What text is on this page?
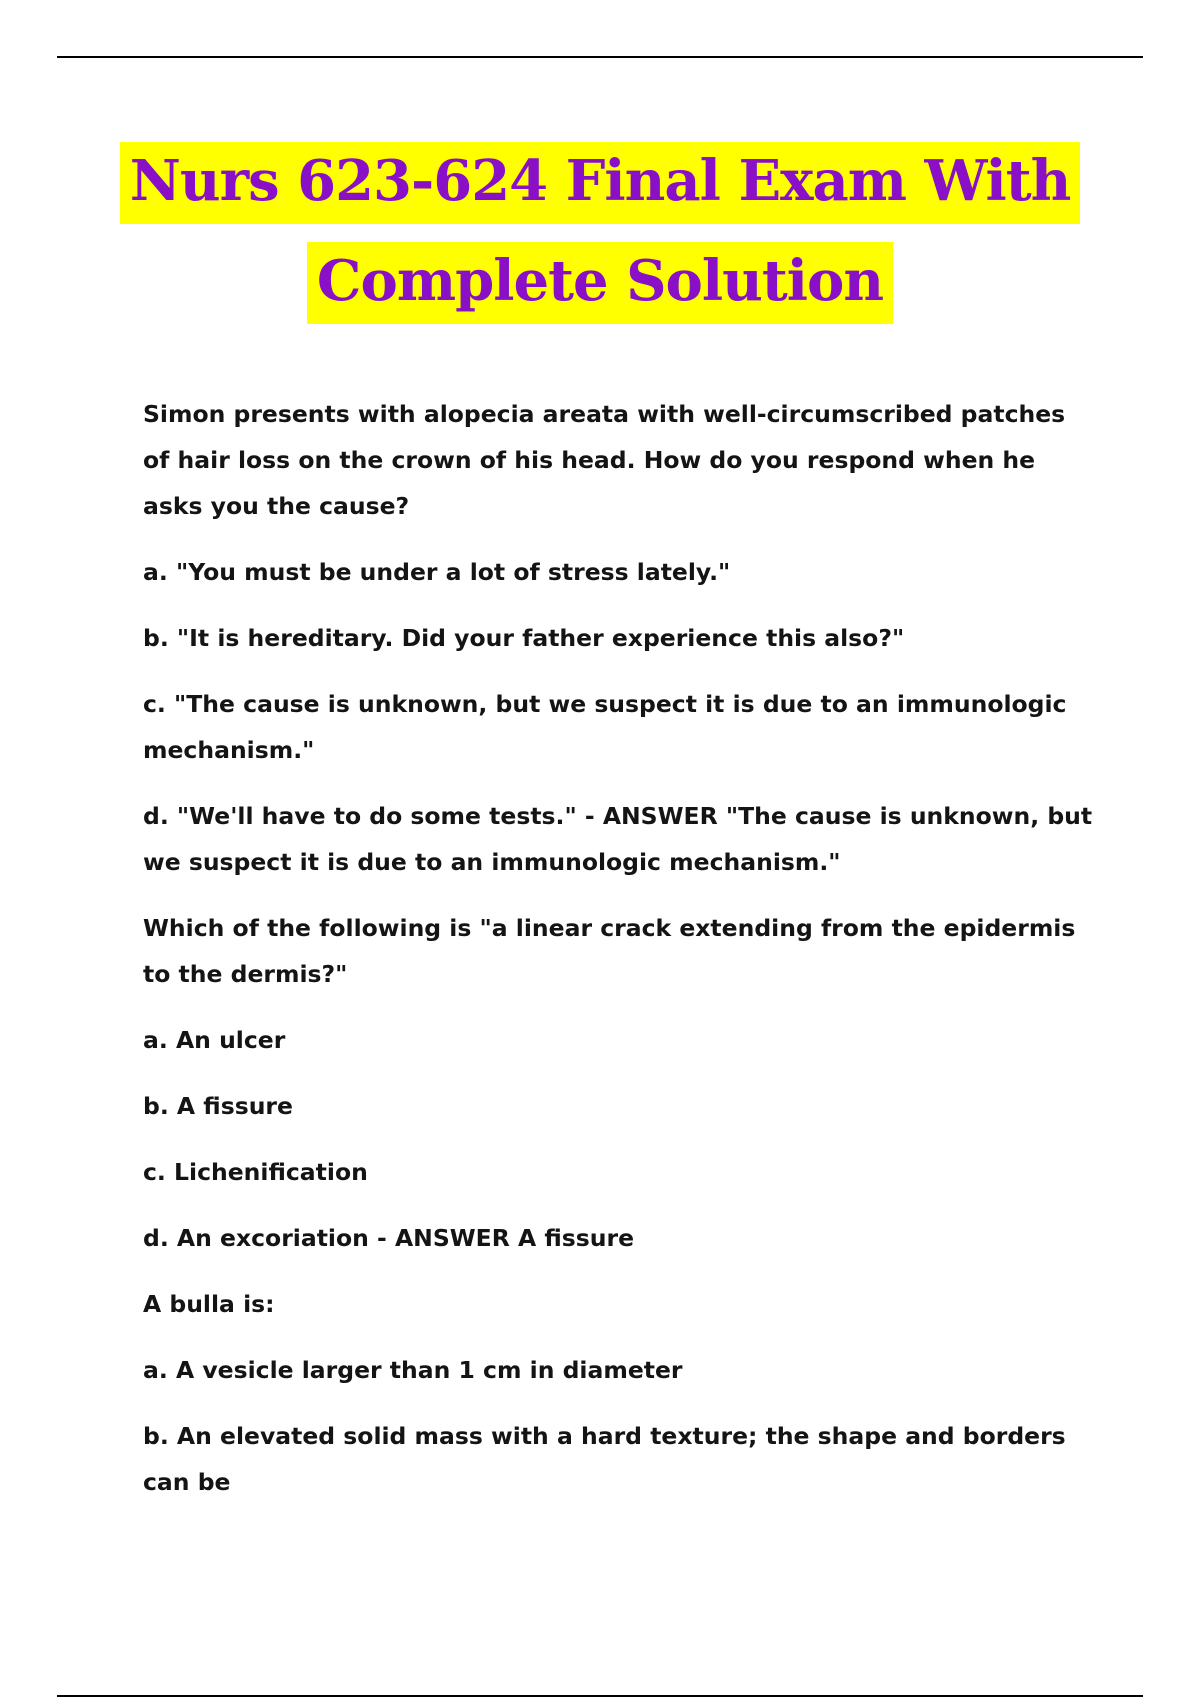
Nurs 623-624 Final Exam With
Complete Solution

Simon presents with alopecia areata with well-circumscribed patches of hair loss on the crown of his head. How do you respond when he asks you the cause?

a. "You must be under a lot of stress lately."

b. "It is hereditary. Did your father experience this also?"

c. "The cause is unknown, but we suspect it is due to an immunologic mechanism."

d. "We'll have to do some tests." - ANSWER "The cause is unknown, but we suspect it is due to an immunologic mechanism."

Which of the following is "a linear crack extending from the epidermis to the dermis?"

a. An ulcer

b. A fissure

c. Lichenification

d. An excoriation - ANSWER A fissure

A bulla is:

a. A vesicle larger than 1 cm in diameter

b. An elevated solid mass with a hard texture; the shape and borders can be
